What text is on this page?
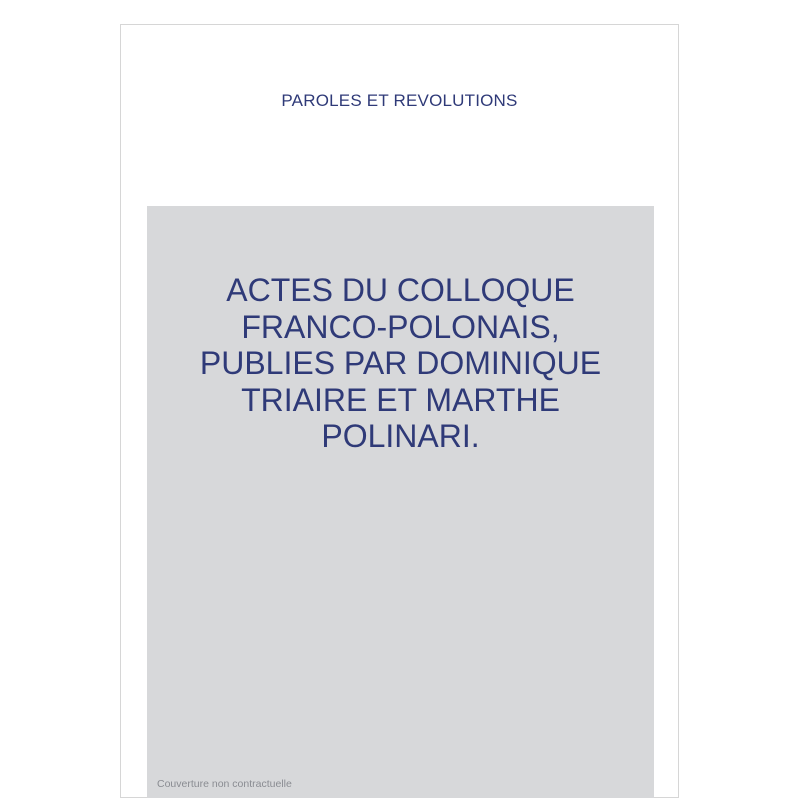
PAROLES ET REVOLUTIONS
ACTES DU COLLOQUE
FRANCO-POLONAIS,
PUBLIES PAR DOMINIQUE
TRIAIRE ET MARTHE
POLINARI.
Couverture non contractuelle
